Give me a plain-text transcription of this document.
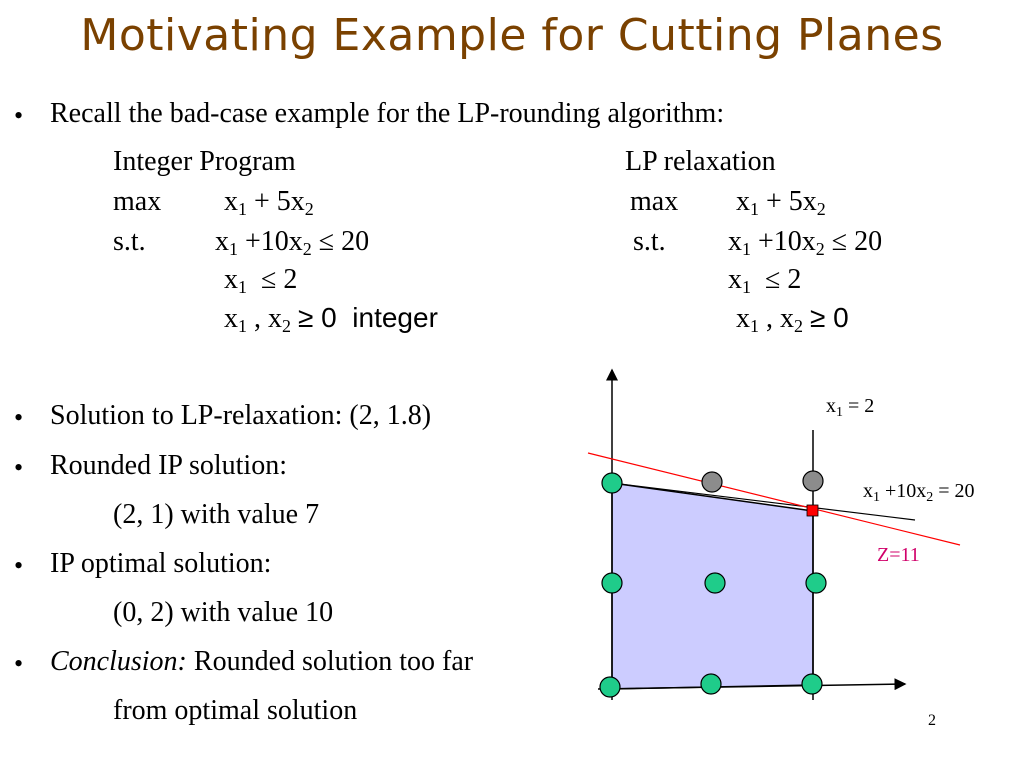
Motivating Example for Cutting Planes
• Recall the bad-case example for the LP-rounding algorithm:
Integer Program
$\max x_1 + 5x_2$
s.t. $x_1 +10x_2 \le 20$
$x_1 \le 2$
$x_1$ , $x_2 \ge 0$  integer
LP relaxation
$\max x_1 + 5x_2$
s.t. $x_1 +10x_2 \le 20$
$x_1 \le 2$
$x_1$ , $x_2 \ge 0$
• Solution to LP-relaxation: (2, 1.8)
• Rounded IP solution:
(2, 1) with value 7
• IP optimal solution:
(0, 2) with value 10
• Conclusion: Rounded solution too far
from optimal solution
$x_1 = 2$
$x_1 +10x_2 = 20$
Z=11
2
